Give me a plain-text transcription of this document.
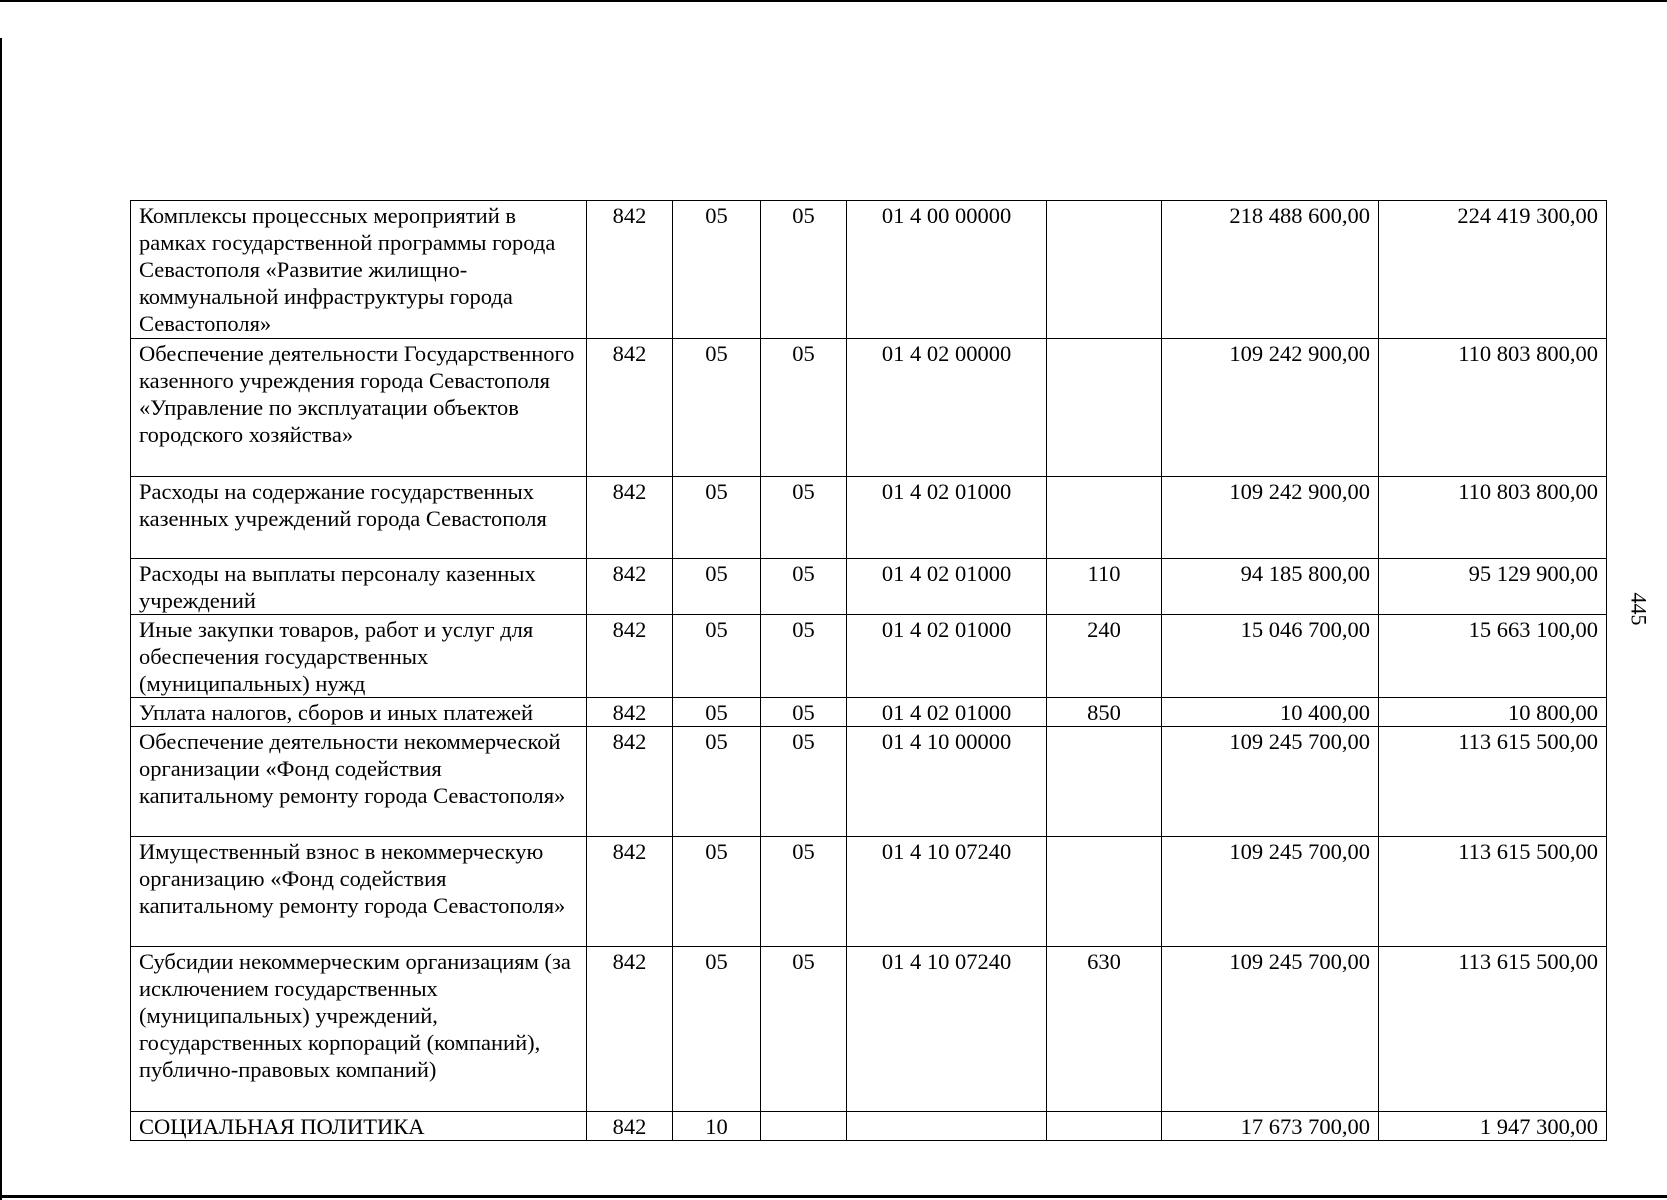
445
Комплексы процессных мероприятий в рамках государственной программы города Севастополя «Развитие жилищно-коммунальной инфраструктуры города Севастополя»	842	05	05	01 4 00 00000		218 488 600,00	224 419 300,00
Обеспечение деятельности Государственного казенного учреждения города Севастополя «Управление по эксплуатации объектов городского хозяйства»	842	05	05	01 4 02 00000		109 242 900,00	110 803 800,00
Расходы на содержание государственных казенных учреждений города Севастополя	842	05	05	01 4 02 01000		109 242 900,00	110 803 800,00
Расходы на выплаты персоналу казенных учреждений	842	05	05	01 4 02 01000	110	94 185 800,00	95 129 900,00
Иные закупки товаров, работ и услуг для обеспечения государственных (муниципальных) нужд	842	05	05	01 4 02 01000	240	15 046 700,00	15 663 100,00
Уплата налогов, сборов и иных платежей	842	05	05	01 4 02 01000	850	10 400,00	10 800,00
Обеспечение деятельности некоммерческой организации «Фонд содействия капитальному ремонту города Севастополя»	842	05	05	01 4 10 00000		109 245 700,00	113 615 500,00
Имущественный взнос в некоммерческую организацию «Фонд содействия капитальному ремонту города Севастополя»	842	05	05	01 4 10 07240		109 245 700,00	113 615 500,00
Субсидии некоммерческим организациям (за исключением государственных (муниципальных) учреждений, государственных корпораций (компаний), публично-правовых компаний)	842	05	05	01 4 10 07240	630	109 245 700,00	113 615 500,00
СОЦИАЛЬНАЯ ПОЛИТИКА	842	10				17 673 700,00	1 947 300,00
